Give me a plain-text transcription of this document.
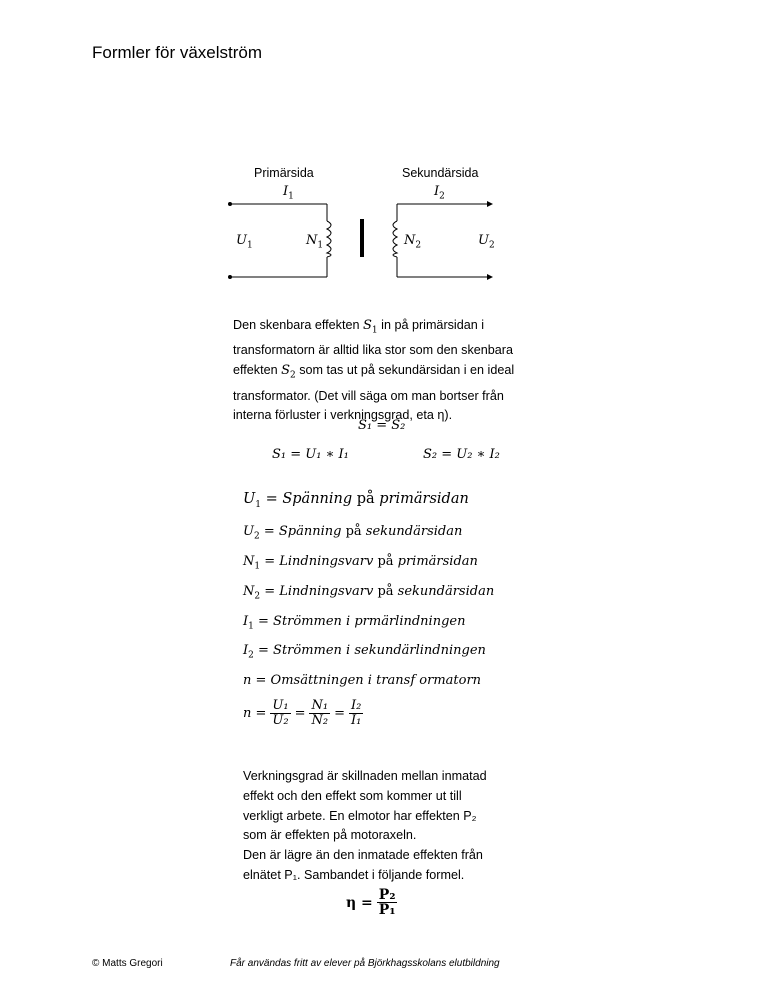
Formler för växelström
Primärsida	Sekundärsida
$I_1$	$I_2$
$U_1$	$N_1$	$N_2$	$U_2$
Den skenbara effekten $S_1$ in på primärsidan i transformatorn är alltid lika stor som den skenbara effekten $S_2$ som tas ut på sekundärsidan i en ideal transformator. (Det vill säga om man bortser från interna förluster i verkningsgrad, eta η).
S₁ = S₂
S₁ = U₁ ∗ I₁	S₂ = U₂ ∗ I₂
$U_1$ = Spänning på primärsidan
$U_2$ = Spänning på sekundärsidan
$N_1$ = Lindningsvarv på primärsidan
$N_2$ = Lindningsvarv på sekundärsidan
$I_1$ = Strömmen i prmärlindningen
$I_2$ = Strömmen i sekundärlindningen
n = Omsättningen i transf ormatorn
$n = \frac{\text{U₁}}{\text{U₂}} = \frac{\text{N₁}}{\text{N₂}} = \frac{\text{I₂}}{\text{I₁}}$
Verkningsgrad är skillnaden mellan inmatad
effekt och den effekt som kommer ut till
verkligt arbete. En elmotor har effekten P₂
som är effekten på motoraxeln.
Den är lägre än den inmatade effekten från
elnätet P₁. Sambandet i följande formel.
$\eta = \frac{\text{P₂}}{\text{P₁}}$
© Matts Gregori	Får användas fritt av elever på Björkhagsskolans elutbildning
